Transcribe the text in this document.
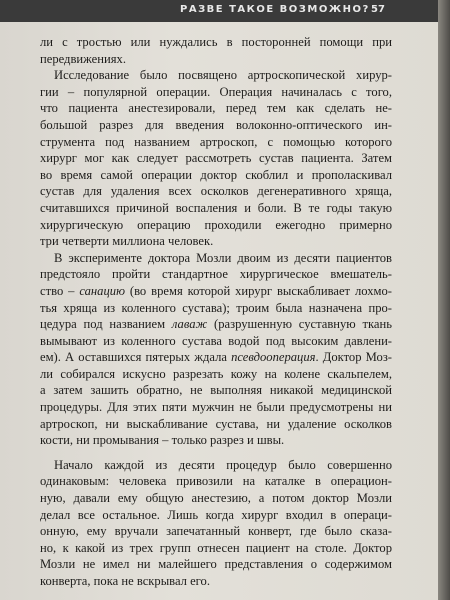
РАЗВЕ ТАКОЕ ВОЗМОЖНО? 57
ли с тростью или нуждались в посторонней помощи при
передвижениях.
Исследование было посвящено артроскопической хирур-
гии – популярной операции. Операция начиналась с того,
что пациента анестезировали, перед тем как сделать не-
большой разрез для введения волоконно-оптического ин-
струмента под названием артроскоп, с помощью которого
хирург мог как следует рассмотреть сустав пациента. Затем
во время самой операции доктор скоблил и прополаскивал
сустав для удаления всех осколков дегенеративного хряща,
считавшихся причиной воспаления и боли. В те годы такую
хирургическую операцию проходили ежегодно примерно
три четверти миллиона человек.
В эксперименте доктора Мозли двоим из десяти пациентов
предстояло пройти стандартное хирургическое вмешатель-
ство – санацию (во время которой хирург выскабливает лохмо-
тья хряща из коленного сустава); троим была назначена про-
цедура под названием лаваж (разрушенную суставную ткань
вымывают из коленного сустава водой под высоким давлени-
ем). А оставшихся пятерых ждала псевдооперация. Доктор Моз-
ли собирался искусно разрезать кожу на колене скальпелем,
а затем зашить обратно, не выполняя никакой медицинской
процедуры. Для этих пяти мужчин не были предусмотрены ни
артроскоп, ни выскабливание сустава, ни удаление осколков
кости, ни промывания – только разрез и швы.
Начало каждой из десяти процедур было совершенно
одинаковым: человека привозили на каталке в операцион-
ную, давали ему общую анестезию, а потом доктор Мозли
делал все остальное. Лишь когда хирург входил в операци-
онную, ему вручали запечатанный конверт, где было сказа-
но, к какой из трех групп отнесен пациент на столе. Доктор
Мозли не имел ни малейшего представления о содержимом
конверта, пока не вскрывал его.
